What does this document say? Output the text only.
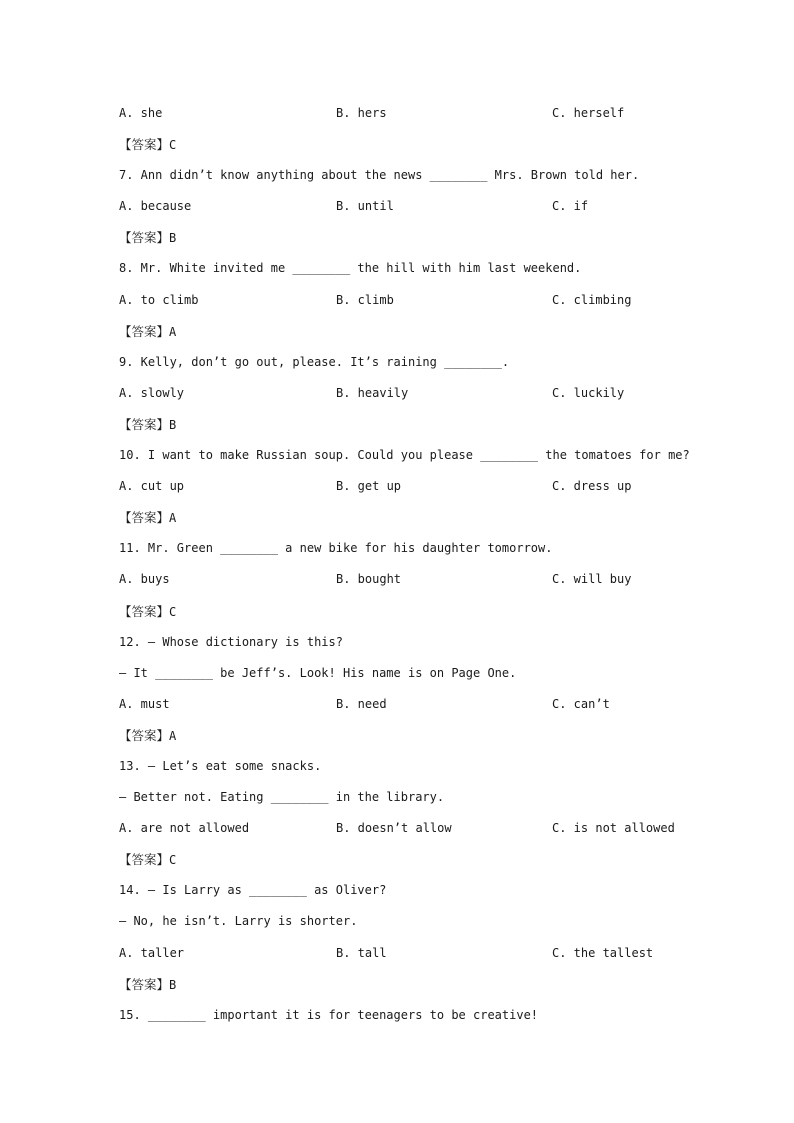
A. she	B. hers	C. herself
【答案】C
7. Ann didn’t know anything about the news ________ Mrs. Brown told her.
A. because	B. until	C. if
【答案】B
8. Mr. White invited me ________ the hill with him last weekend.
A. to climb	B. climb	C. climbing
【答案】A
9. Kelly, don’t go out, please. It’s raining ________.
A. slowly	B. heavily	C. luckily
【答案】B
10. I want to make Russian soup. Could you please ________ the tomatoes for me?
A. cut up	B. get up	C. dress up
【答案】A
11. Mr. Green ________ a new bike for his daughter tomorrow.
A. buys	B. bought	C. will buy
【答案】C
12. — Whose dictionary is this?
— It ________ be Jeff’s. Look! His name is on Page One.
A. must	B. need	C. can’t
【答案】A
13. — Let’s eat some snacks.
— Better not. Eating ________ in the library.
A. are not allowed	B. doesn’t allow	C. is not allowed
【答案】C
14. — Is Larry as ________ as Oliver?
— No, he isn’t. Larry is shorter.
A. taller	B. tall	C. the tallest
【答案】B
15. ________ important it is for teenagers to be creative!
